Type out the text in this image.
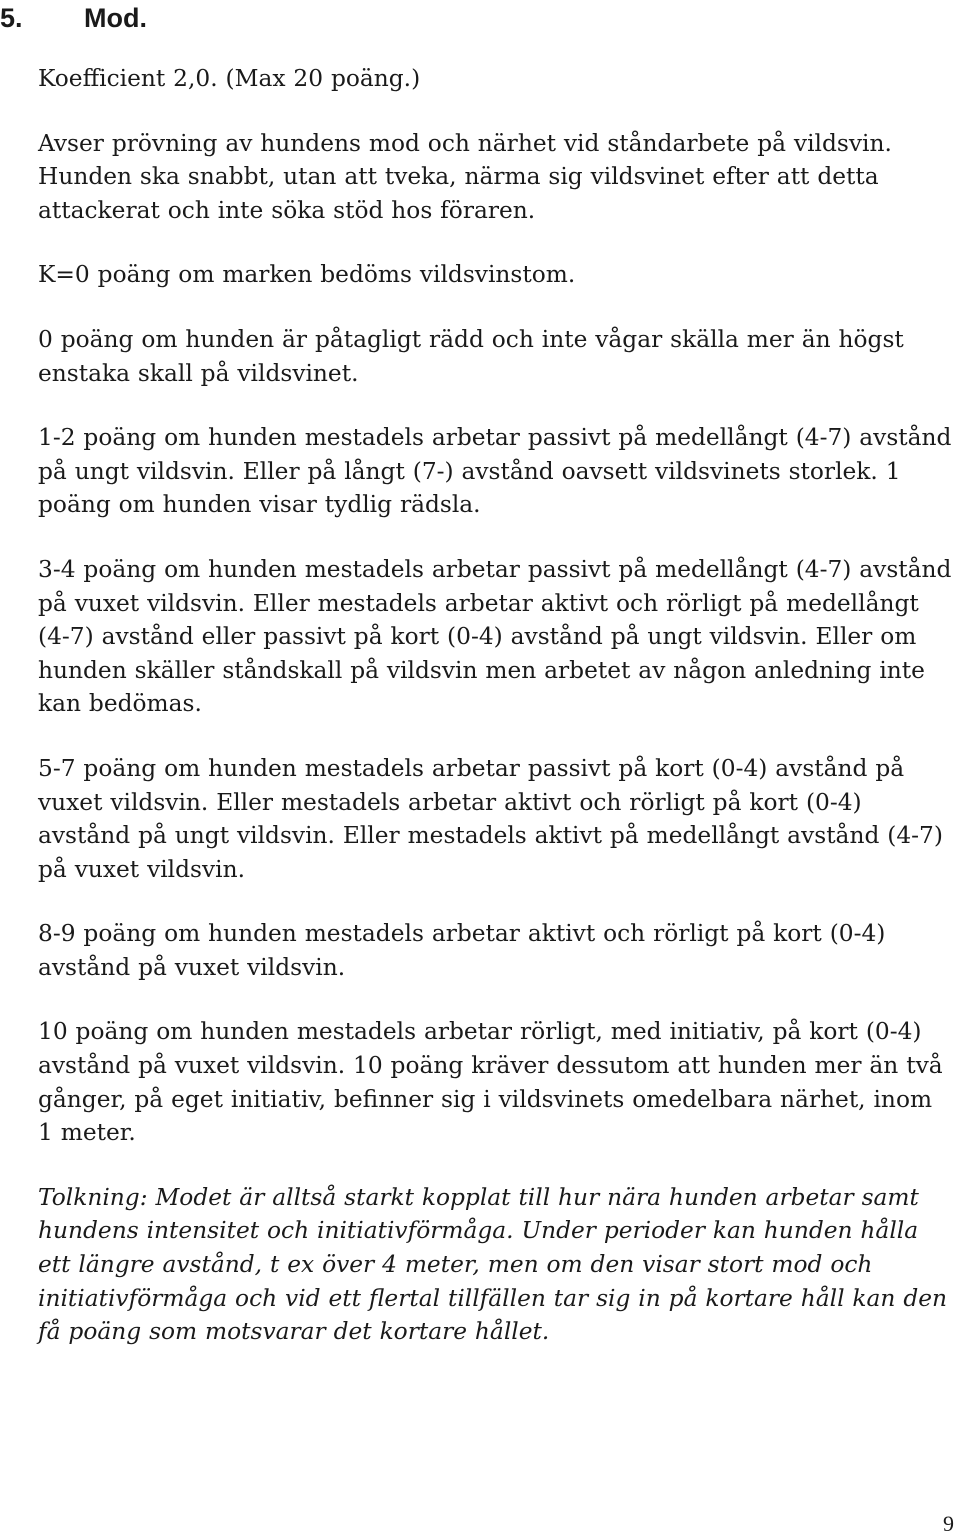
5. Mod.

Koefficient 2,0. (Max 20 poäng.)

Avser prövning av hundens mod och närhet vid ståndarbete på vildsvin. Hunden ska snabbt, utan att tveka, närma sig vildsvinet efter att detta attackerat och inte söka stöd hos föraren.

K=0 poäng om marken bedöms vildsvinstom.

0 poäng om hunden är påtagligt rädd och inte vågar skälla mer än högst enstaka skall på vildsvinet.

1-2 poäng om hunden mestadels arbetar passivt på medellångt (4-7) avstånd på ungt vildsvin. Eller på långt (7-) avstånd oavsett vildsvinets storlek. 1 poäng om hunden visar tydlig rädsla.

3-4 poäng om hunden mestadels arbetar passivt på medellångt (4-7) avstånd på vuxet vildsvin. Eller mestadels arbetar aktivt och rörligt på medellångt (4-7) avstånd eller passivt på kort (0-4) avstånd på ungt vildsvin. Eller om hunden skäller ståndskall på vildsvin men arbetet av någon anledning inte kan bedömas.

5-7 poäng om hunden mestadels arbetar passivt på kort (0-4) avstånd på vuxet vildsvin. Eller mestadels arbetar aktivt och rörligt på kort (0-4) avstånd på ungt vildsvin. Eller mestadels aktivt på medellångt avstånd (4-7) på vuxet vildsvin.

8-9 poäng om hunden mestadels arbetar aktivt och rörligt på kort (0-4) avstånd på vuxet vildsvin.

10 poäng om hunden mestadels arbetar rörligt, med initiativ, på kort (0-4) avstånd på vuxet vildsvin. 10 poäng kräver dessutom att hunden mer än två gånger, på eget initiativ, befinner sig i vildsvinets omedelbara närhet, inom 1 meter.

Tolkning: Modet är alltså starkt kopplat till hur nära hunden arbetar samt hundens intensitet och initiativförmåga. Under perioder kan hunden hålla ett längre avstånd, t ex över 4 meter, men om den visar stort mod och initiativförmåga och vid ett flertal tillfällen tar sig in på kortare håll kan den få poäng som motsvarar det kortare hållet.

9
